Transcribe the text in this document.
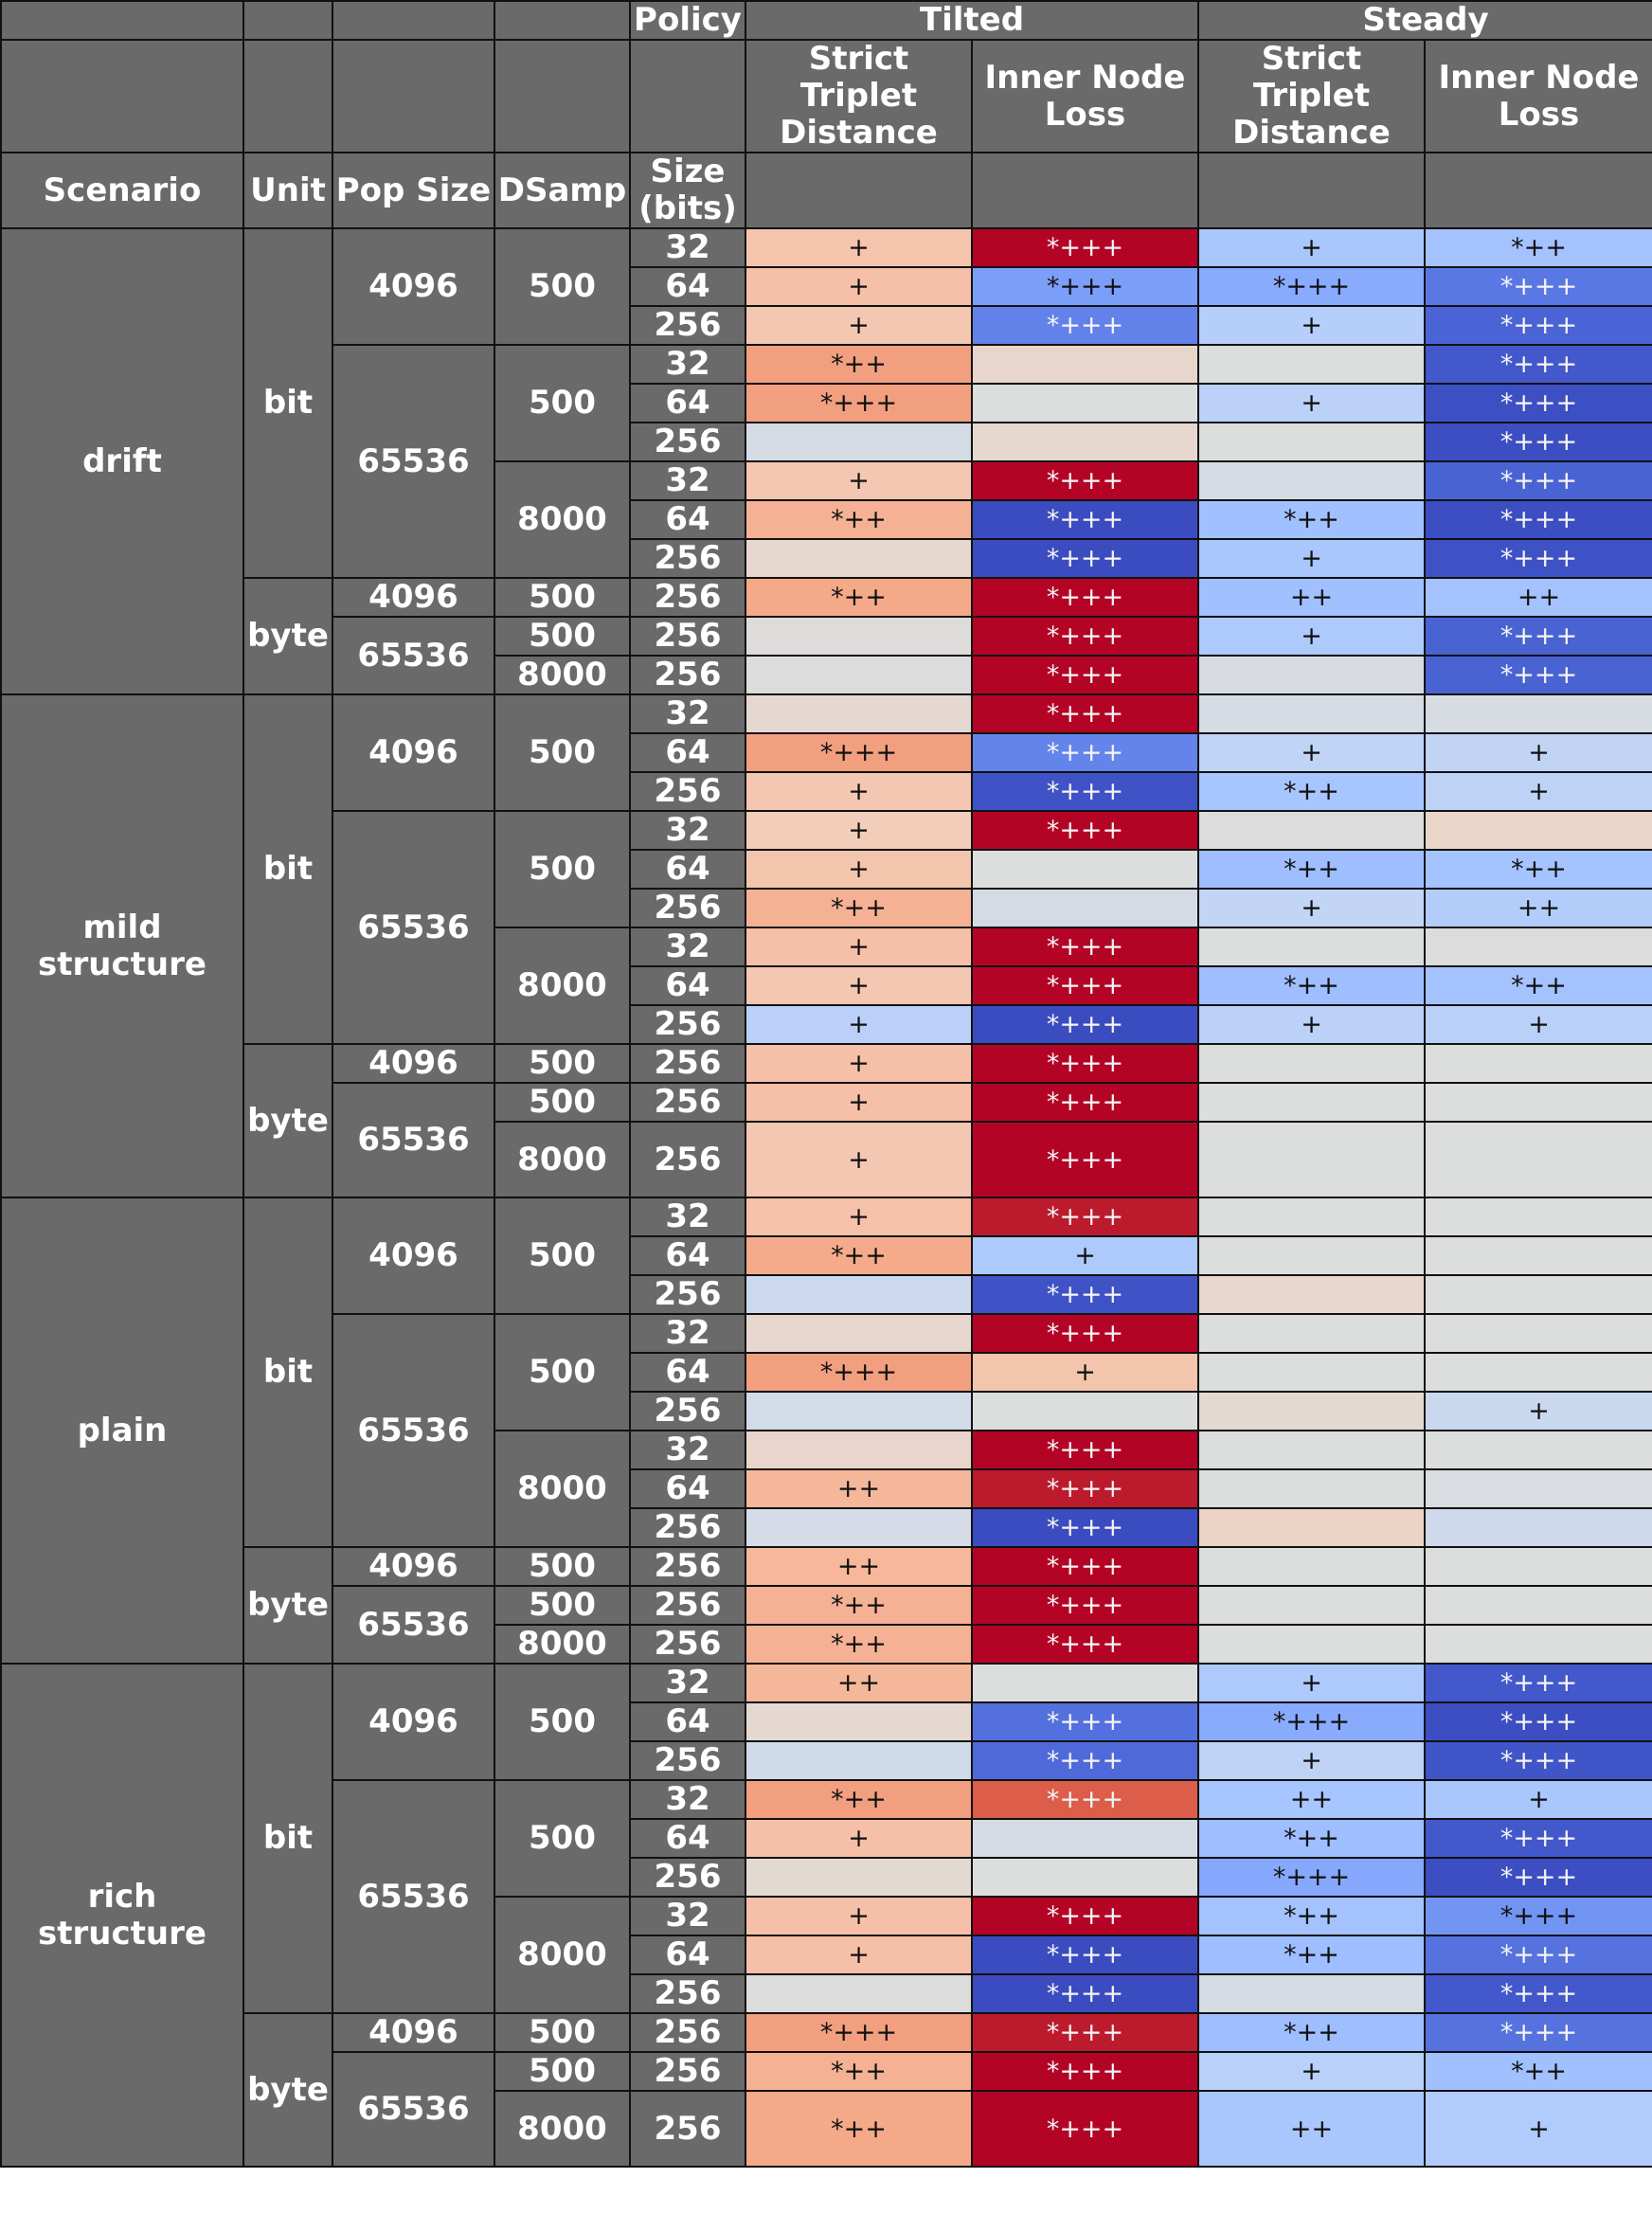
				Policy	Tilted		Steady	
					Strict Triplet Distance	Inner Node Loss	Strict Triplet Distance	Inner Node Loss
Scenario	Unit	Pop Size	DSamp	Size (bits)				
drift	bit	4096	500	32	+	*+++	+	*++
				64	+	*+++	*+++	*+++
				256	+	*+++	+	*+++
		65536	500	32	*++			*+++
				64	*+++		+	*+++
				256				*+++
			8000	32	+	*+++		*+++
				64	*++	*+++	*++	*+++
				256		*+++	+	*+++
	byte	4096	500	256	*++	*+++	++	++
		65536	500	256		*+++	+	*+++
			8000	256		*+++		*+++
mild structure	bit	4096	500	32		*+++		
				64	*+++	*+++	+	+
				256	+	*+++	*++	+
		65536	500	32	+	*+++		
				64	+		*++	*++
				256	*++		+	++
			8000	32	+	*+++		
				64	+	*+++	*++	*++
				256	+	*+++	+	+
	byte	4096	500	256	+	*+++		
		65536	500	256	+	*+++		
			8000	256	+	*+++		
plain	bit	4096	500	32	+	*+++		
				64	*++	+		
				256		*+++		
		65536	500	32		*+++		
				64	*+++	+		
				256				+
			8000	32		*+++		
				64	++	*+++		
				256		*+++		
	byte	4096	500	256	++	*+++		
		65536	500	256	*++	*+++		
			8000	256	*++	*+++		
rich structure	bit	4096	500	32	++		+	*+++
				64		*+++	*+++	*+++
				256		*+++	+	*+++
		65536	500	32	*++	*+++	++	+
				64	+		*++	*+++
				256			*+++	*+++
			8000	32	+	*+++	*++	*+++
				64	+	*+++	*++	*+++
				256		*+++		*+++
	byte	4096	500	256	*+++	*+++	*++	*+++
		65536	500	256	*++	*+++	+	*++
			8000	256	*++	*+++	++	+
